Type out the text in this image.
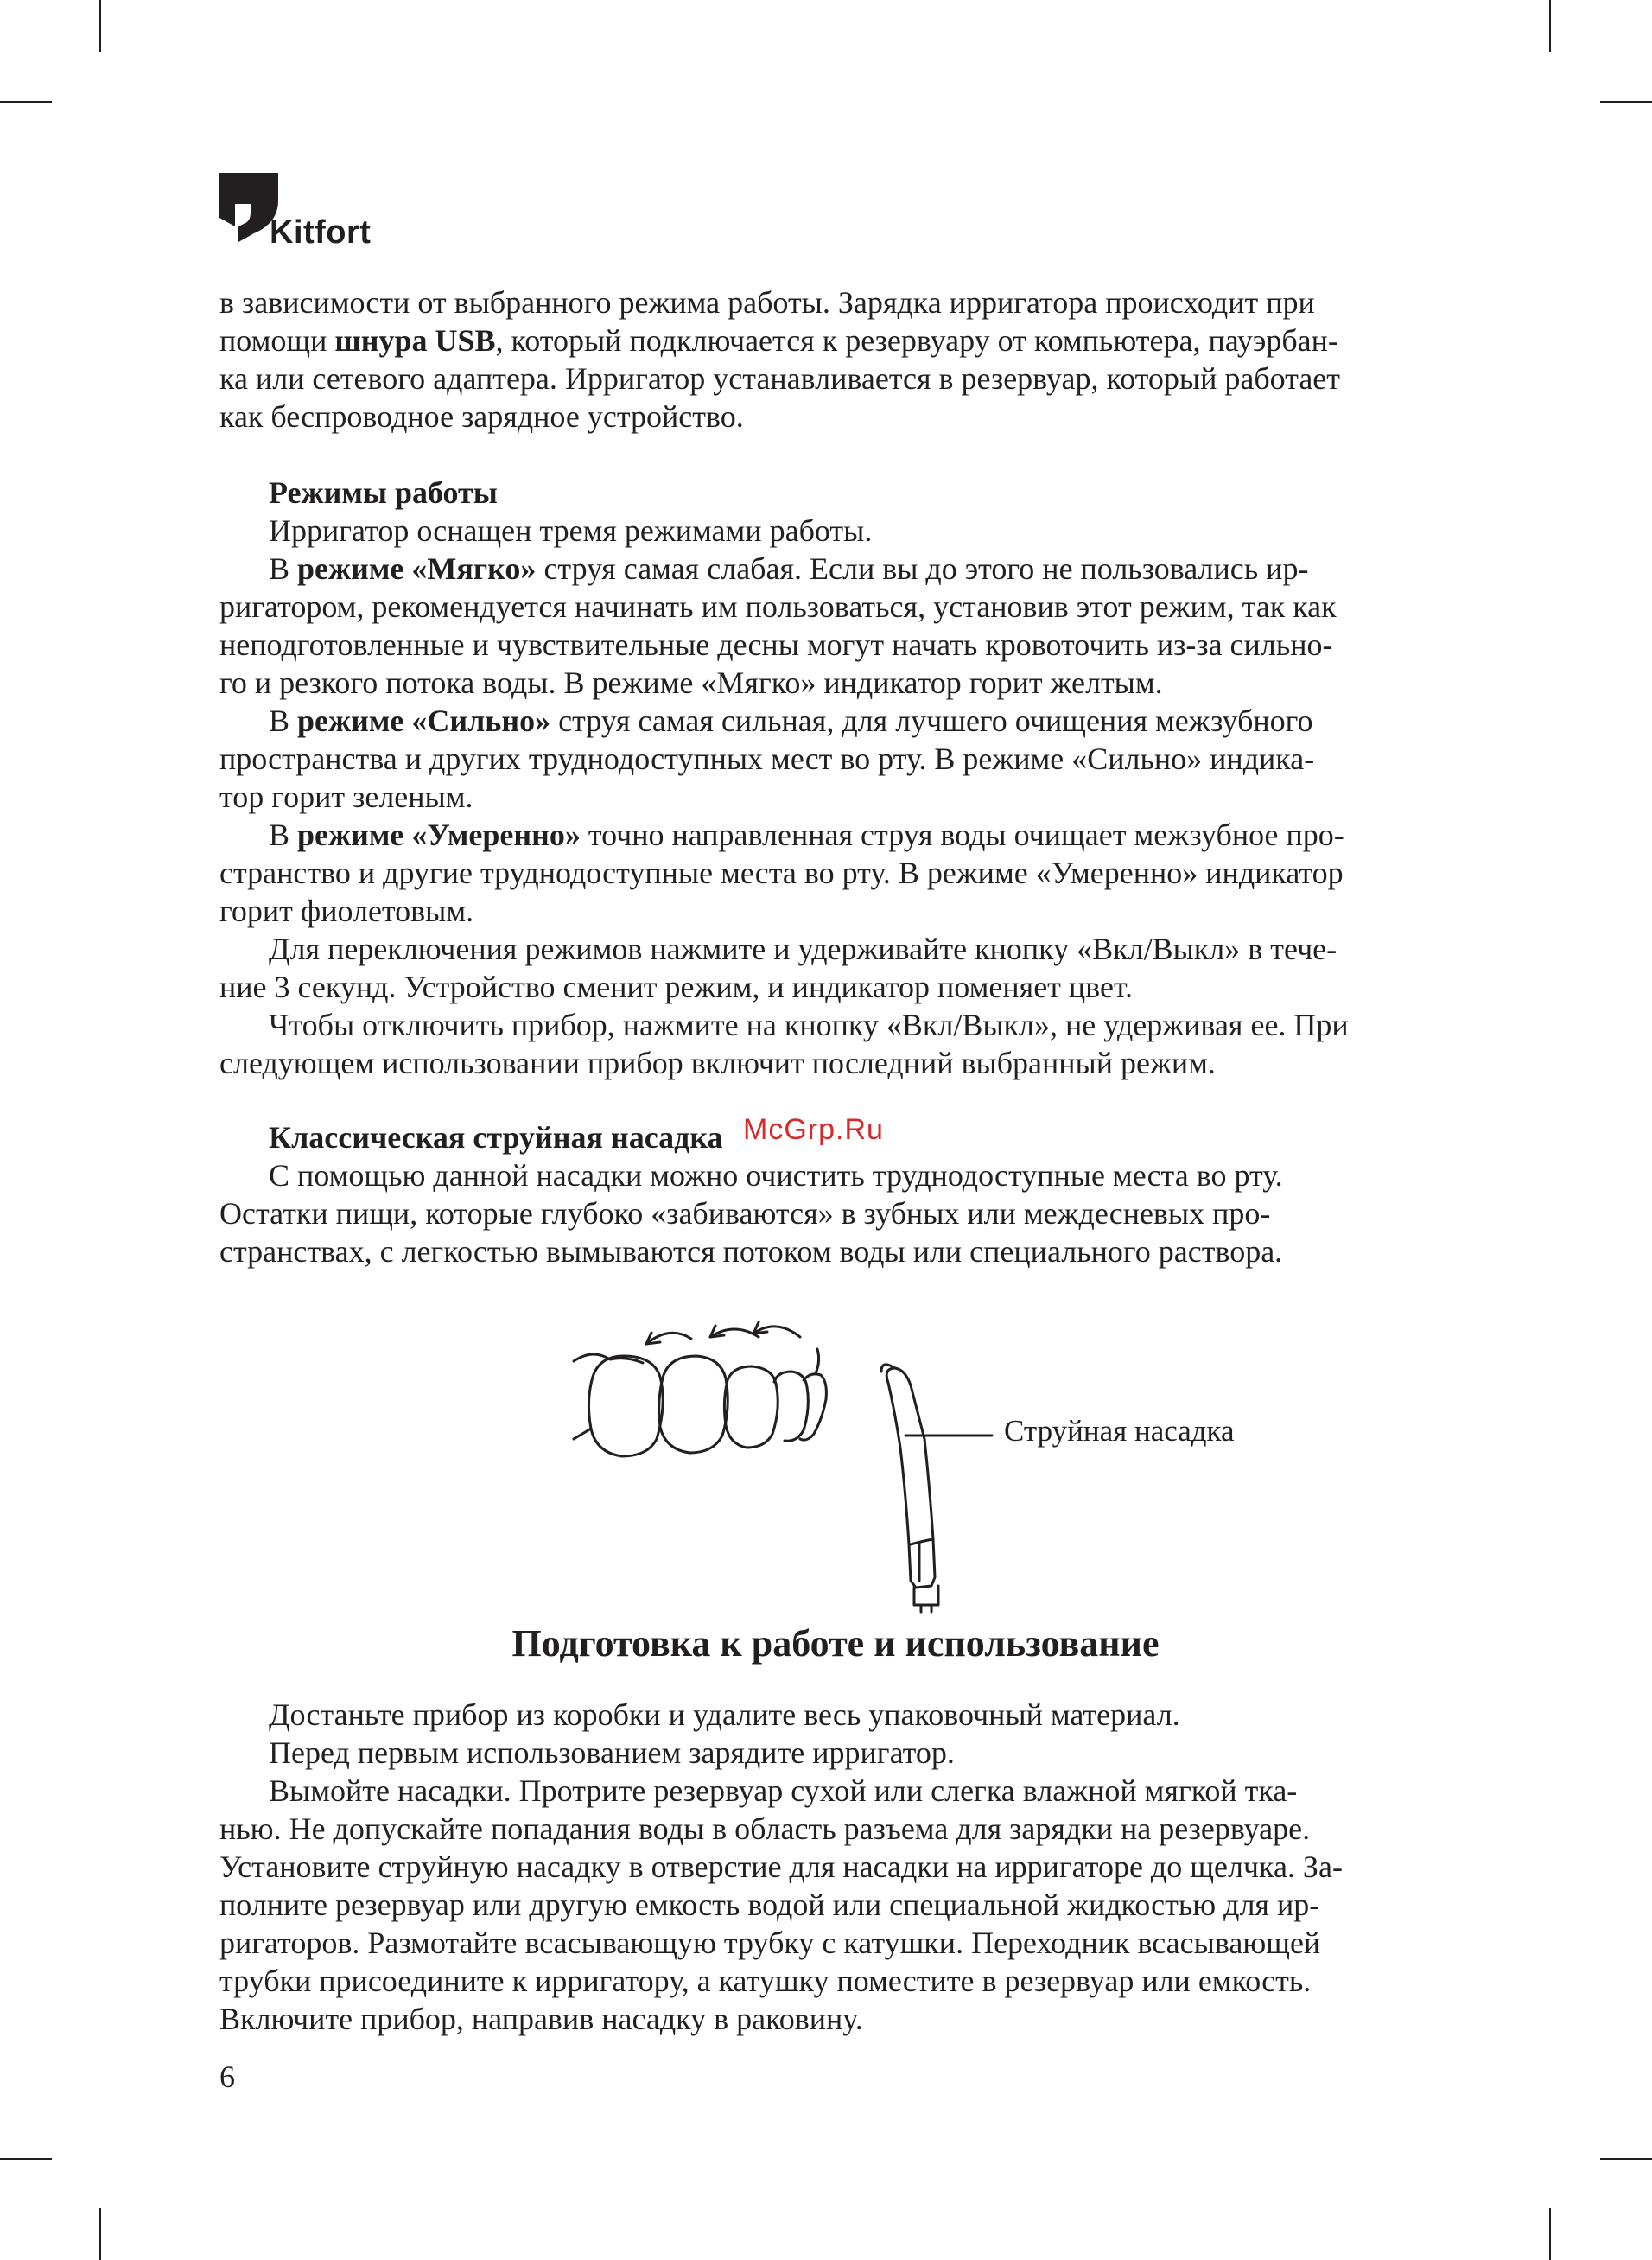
Kitfort

в зависимости от выбранного режима работы. Зарядка ирригатора происходит при
помощи шнура USB, который подключается к резервуару от компьютера, пауэрбан-
ка или сетевого адаптера. Ирригатор устанавливается в резервуар, который работает
как беспроводное зарядное устройство.

Режимы работы

Ирригатор оснащен тремя режимами работы.

В режиме «Мягко» струя самая слабая. Если вы до этого не пользовались ир-
ригатором, рекомендуется начинать им пользоваться, установив этот режим, так как
неподготовленные и чувствительные десны могут начать кровоточить из-за сильно-
го и резкого потока воды. В режиме «Мягко» индикатор горит желтым.

В режиме «Сильно» струя самая сильная, для лучшего очищения межзубного
пространства и других труднодоступных мест во рту. В режиме «Сильно» индика-
тор горит зеленым.

В режиме «Умеренно» точно направленная струя воды очищает межзубное про-
странство и другие труднодоступные места во рту. В режиме «Умеренно» индикатор
горит фиолетовым.

Для переключения режимов нажмите и удерживайте кнопку «Вкл/Выкл» в тече-
ние 3 секунд. Устройство сменит режим, и индикатор поменяет цвет.

Чтобы отключить прибор, нажмите на кнопку «Вкл/Выкл», не удерживая ее. При
следующем использовании прибор включит последний выбранный режим.

Классическая струйная насадка

С помощью данной насадки можно очистить труднодоступные места во рту.
Остатки пищи, которые глубоко «забиваются» в зубных или междесневых про-
странствах, с легкостью вымываются потоком воды или специального раствора.

McGrp.Ru
Струйная насадка
Подготовка к работе и использование

Достаньте прибор из коробки и удалите весь упаковочный материал.

Перед первым использованием зарядите ирригатор.

Вымойте насадки. Протрите резервуар сухой или слегка влажной мягкой тка-
нью. Не допускайте попадания воды в область разъема для зарядки на резервуаре.
Установите струйную насадку в отверстие для насадки на ирригаторе до щелчка. За-
полните резервуар или другую емкость водой или специальной жидкостью для ир-
ригаторов. Размотайте всасывающую трубку с катушки. Переходник всасывающей
трубки присоедините к ирригатору, а катушку поместите в резервуар или емкость.
Включите прибор, направив насадку в раковину.

6
